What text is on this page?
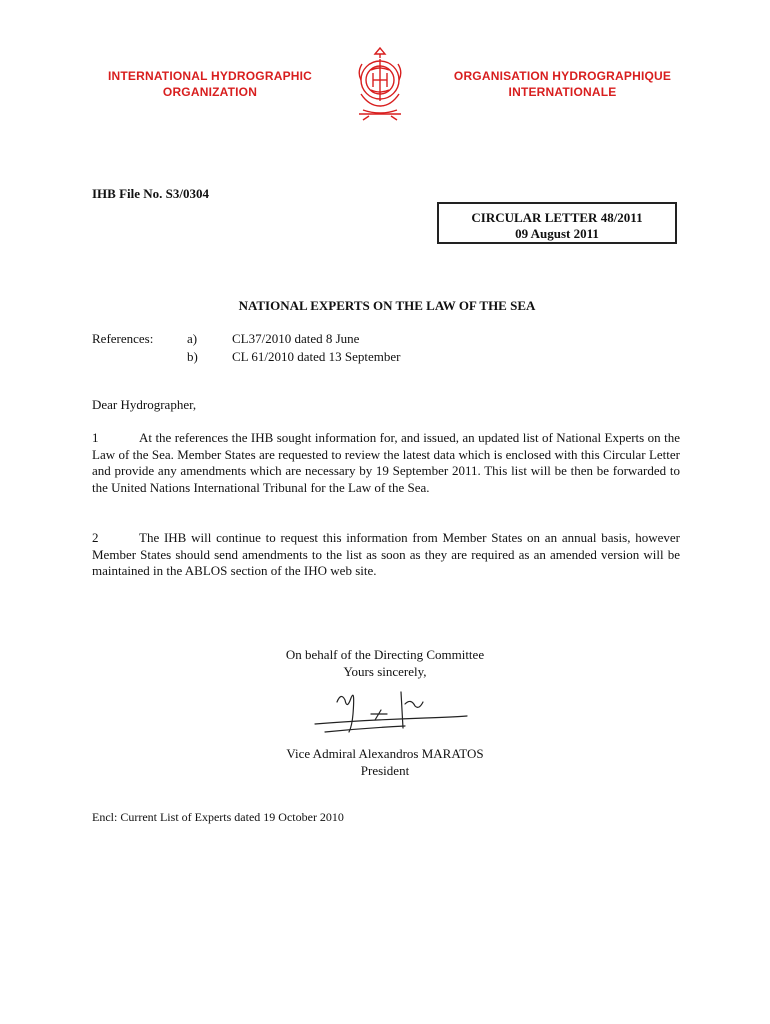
INTERNATIONAL HYDROGRAPHIC
ORGANIZATION
ORGANISATION HYDROGRAPHIQUE
INTERNATIONALE
IHB File No. S3/0304
CIRCULAR LETTER 48/2011
09 August 2011
NATIONAL EXPERTS ON THE LAW OF THE SEA
References:	a)	CL37/2010 dated 8 June
b)	CL 61/2010 dated 13 September
Dear Hydrographer,
1	At the references the IHB sought information for, and issued, an updated list of National Experts on the Law of the Sea. Member States are requested to review the latest data which is enclosed with this Circular Letter and provide any amendments which are necessary by 19 September 2011. This list will be then be forwarded to the United Nations International Tribunal for the Law of the Sea.
2	The IHB will continue to request this information from Member States on an annual basis, however Member States should send amendments to the list as soon as they are required as an amended version will be maintained in the ABLOS section of the IHO web site.
On behalf of the Directing Committee
Yours sincerely,
Vice Admiral Alexandros MARATOS
President
Encl: Current List of Experts dated 19 October 2010
